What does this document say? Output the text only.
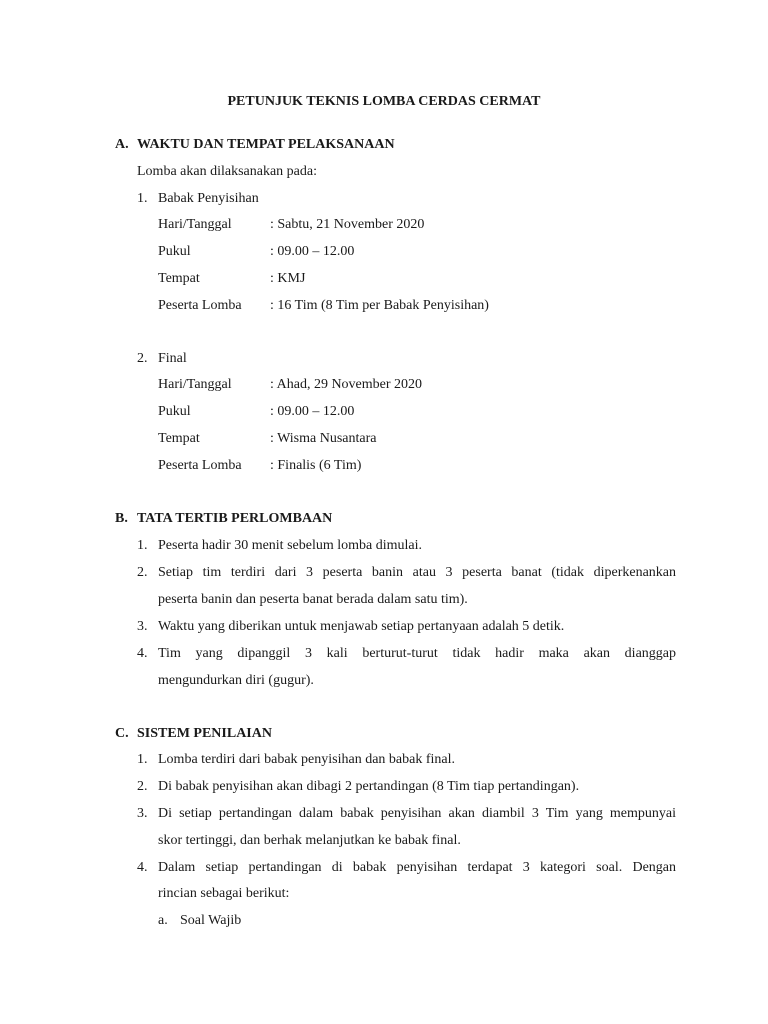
PETUNJUK TEKNIS LOMBA CERDAS CERMAT
A. WAKTU DAN TEMPAT PELAKSANAAN
Lomba akan dilaksanakan pada:
1. Babak Penyisihan
Hari/Tanggal	: Sabtu, 21 November 2020
Pukul	: 09.00 – 12.00
Tempat	: KMJ
Peserta Lomba : 16 Tim (8 Tim per Babak Penyisihan)
2. Final
Hari/Tanggal	: Ahad, 29 November 2020
Pukul	: 09.00 – 12.00
Tempat	: Wisma Nusantara
Peserta Lomba : Finalis (6 Tim)
B. TATA TERTIB PERLOMBAAN
1. Peserta hadir 30 menit sebelum lomba dimulai.
2. Setiap tim terdiri dari 3 peserta banin atau 3 peserta banat (tidak diperkenankan
peserta banin dan peserta banat berada dalam satu tim).
3. Waktu yang diberikan untuk menjawab setiap pertanyaan adalah 5 detik.
4. Tim yang dipanggil 3 kali berturut-turut tidak hadir maka akan dianggap
mengundurkan diri (gugur).
C. SISTEM PENILAIAN
1. Lomba terdiri dari babak penyisihan dan babak final.
2. Di babak penyisihan akan dibagi 2 pertandingan (8 Tim tiap pertandingan).
3. Di setiap pertandingan dalam babak penyisihan akan diambil 3 Tim yang mempunyai
skor tertinggi, dan berhak melanjutkan ke babak final.
4. Dalam setiap pertandingan di babak penyisihan terdapat 3 kategori soal. Dengan
rincian sebagai berikut:
a. Soal Wajib
